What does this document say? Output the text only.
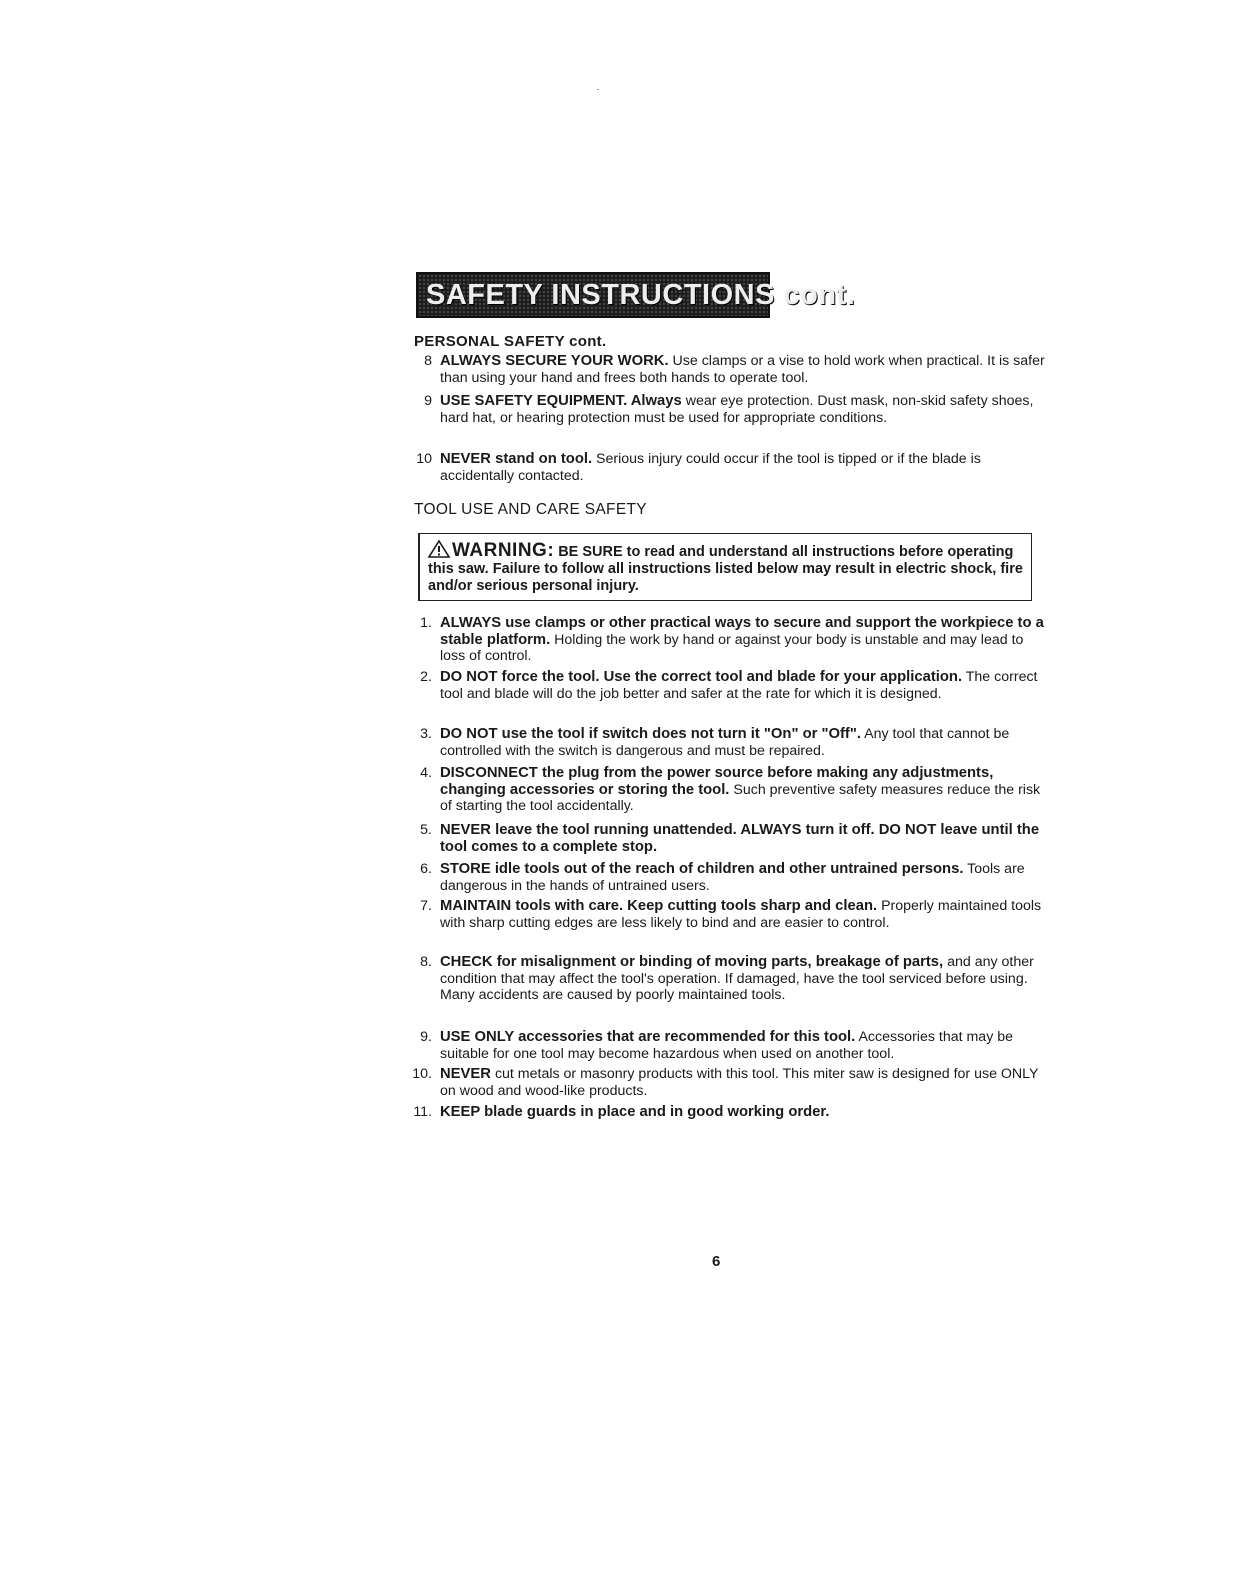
SAFETY INSTRUCTIONS cont.
PERSONAL SAFETY cont.
8 ALWAYS SECURE YOUR WORK. Use clamps or a vise to hold work when practical. It is safer than using your hand and frees both hands to operate tool.
9 USE SAFETY EQUIPMENT. Always wear eye protection. Dust mask, non-skid safety shoes, hard hat, or hearing protection must be used for appropriate conditions.
10 NEVER stand on tool. Serious injury could occur if the tool is tipped or if the blade is accidentally contacted.
TOOL USE AND CARE SAFETY
WARNING: BE SURE to read and understand all instructions before operating this saw. Failure to follow all instructions listed below may result in electric shock, fire and/or serious personal injury.
1. ALWAYS use clamps or other practical ways to secure and support the workpiece to a stable platform. Holding the work by hand or against your body is unstable and may lead to loss of control.
2. DO NOT force the tool. Use the correct tool and blade for your application. The correct tool and blade will do the job better and safer at the rate for which it is designed.
3. DO NOT use the tool if switch does not turn it "On" or "Off". Any tool that cannot be controlled with the switch is dangerous and must be repaired.
4. DISCONNECT the plug from the power source before making any adjustments, changing accessories or storing the tool. Such preventive safety measures reduce the risk of starting the tool accidentally.
5. NEVER leave the tool running unattended. ALWAYS turn it off. DO NOT leave until the tool comes to a complete stop.
6. STORE idle tools out of the reach of children and other untrained persons. Tools are dangerous in the hands of untrained users.
7. MAINTAIN tools with care. Keep cutting tools sharp and clean. Properly maintained tools with sharp cutting edges are less likely to bind and are easier to control.
8. CHECK for misalignment or binding of moving parts, breakage of parts, and any other condition that may affect the tool's operation. If damaged, have the tool serviced before using. Many accidents are caused by poorly maintained tools.
9. USE ONLY accessories that are recommended for this tool. Accessories that may be suitable for one tool may become hazardous when used on another tool.
10. NEVER cut metals or masonry products with this tool. This miter saw is designed for use ONLY on wood and wood-like products.
11. KEEP blade guards in place and in good working order.
6
